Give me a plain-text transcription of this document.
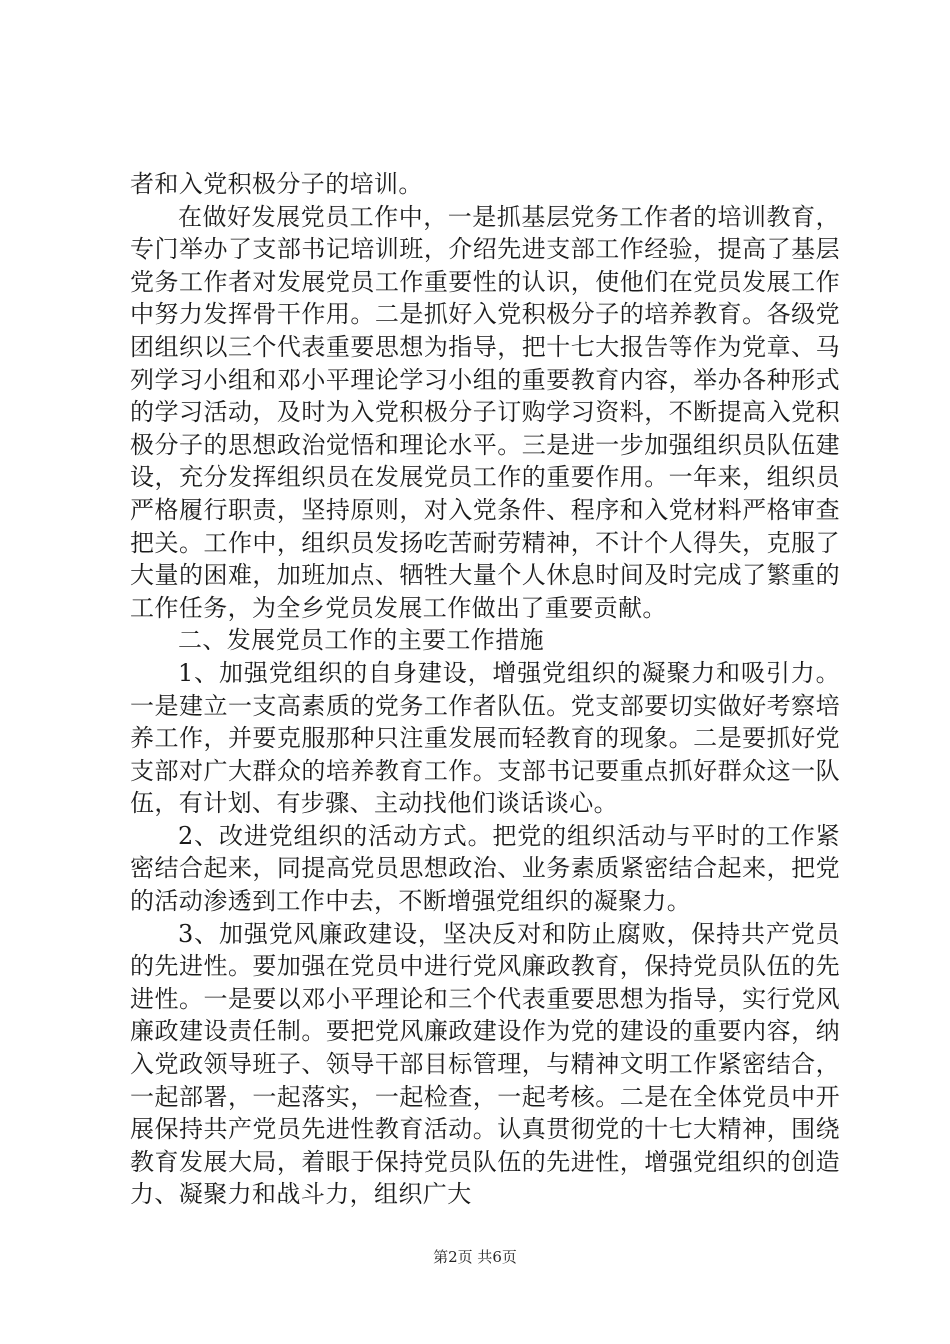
者和入党积极分子的培训。

在做好发展党员工作中，一是抓基层党务工作者的培训教育，专门举办了支部书记培训班，介绍先进支部工作经验，提高了基层党务工作者对发展党员工作重要性的认识，使他们在党员发展工作中努力发挥骨干作用。二是抓好入党积极分子的培养教育。各级党团组织以三个代表重要思想为指导，把十七大报告等作为党章、马列学习小组和邓小平理论学习小组的重要教育内容，举办各种形式的学习活动，及时为入党积极分子订购学习资料，不断提高入党积极分子的思想政治觉悟和理论水平。三是进一步加强组织员队伍建设，充分发挥组织员在发展党员工作的重要作用。一年来，组织员严格履行职责，坚持原则，对入党条件、程序和入党材料严格审查把关。工作中，组织员发扬吃苦耐劳精神，不计个人得失，克服了大量的困难，加班加点、牺牲大量个人休息时间及时完成了繁重的工作任务，为全乡党员发展工作做出了重要贡献。

二、发展党员工作的主要工作措施

1、加强党组织的自身建设，增强党组织的凝聚力和吸引力。一是建立一支高素质的党务工作者队伍。党支部要切实做好考察培养工作，并要克服那种只注重发展而轻教育的现象。二是要抓好党支部对广大群众的培养教育工作。支部书记要重点抓好群众这一队伍，有计划、有步骤、主动找他们谈话谈心。

2、改进党组织的活动方式。把党的组织活动与平时的工作紧密结合起来，同提高党员思想政治、业务素质紧密结合起来，把党的活动渗透到工作中去，不断增强党组织的凝聚力。

3、加强党风廉政建设，坚决反对和防止腐败，保持共产党员的先进性。要加强在党员中进行党风廉政教育，保持党员队伍的先进性。一是要以邓小平理论和三个代表重要思想为指导，实行党风廉政建设责任制。要把党风廉政建设作为党的建设的重要内容，纳入党政领导班子、领导干部目标管理，与精神文明工作紧密结合，一起部署，一起落实，一起检查，一起考核。二是在全体党员中开展保持共产党员先进性教育活动。认真贯彻党的十七大精神，围绕教育发展大局，着眼于保持党员队伍的先进性，增强党组织的创造力、凝聚力和战斗力，组织广大

第2页 共6页
